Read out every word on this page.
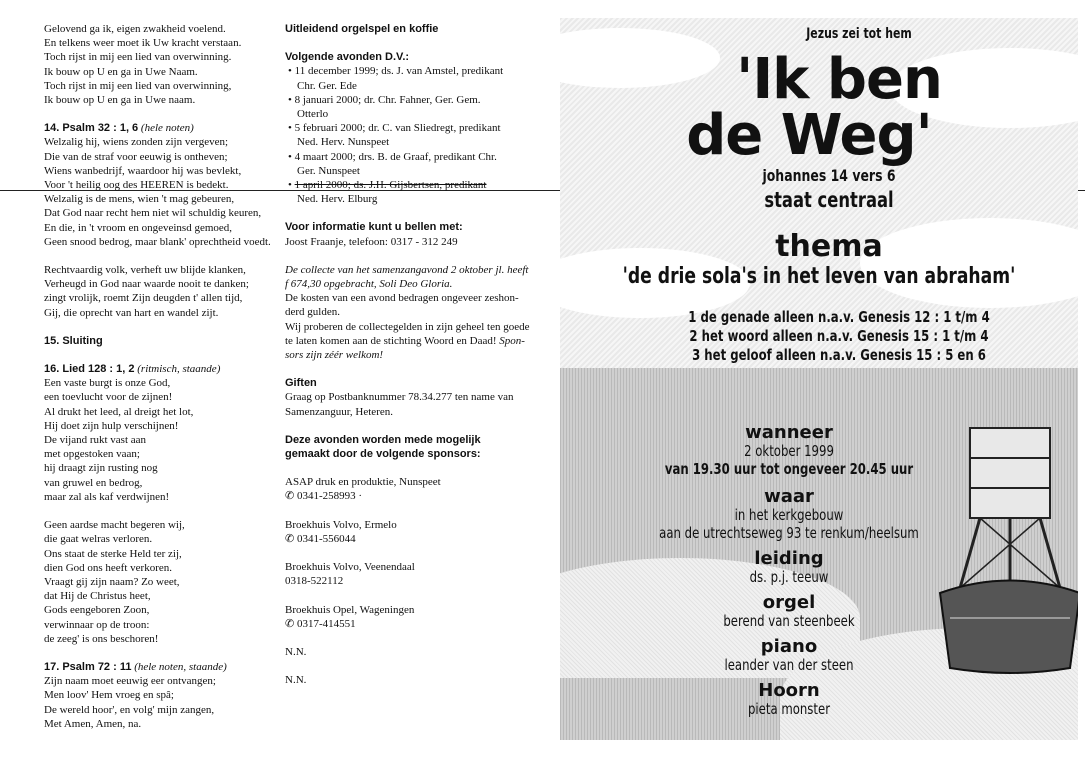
Gelovend ga ik, eigen zwakheid voelend.
En telkens weer moet ik Uw kracht verstaan.
Toch rijst in mij een lied van overwinning.
Ik bouw op U en ga in Uwe Naam.
Toch rijst in mij een lied van overwinning,
Ik bouw op U en ga in Uwe naam.
14. Psalm 32 : 1, 6 (hele noten)
Welzalig hij, wiens zonden zijn vergeven;
Die van de straf voor eeuwig is ontheven;
Wiens wanbedrijf, waardoor hij was bevlekt,
Voor 't heilig oog des HEEREN is bedekt.
Welzalig is de mens, wien 't mag gebeuren,
Dat God naar recht hem niet wil schuldig keuren,
En die, in 't vroom en ongeveinsd gemoed,
Geen snood bedrog, maar blank' oprechtheid voedt.
Rechtvaardig volk, verheft uw blijde klanken,
Verheugd in God naar waarde nooit te danken;
zingt vrolijk, roemt Zijn deugden t' allen tijd,
Gij, die oprecht van hart en wandel zijt.
15. Sluiting
16. Lied 128 : 1, 2 (ritmisch, staande)
Een vaste burgt is onze God,
een toevlucht voor de zijnen!
Al drukt het leed, al dreigt het lot,
Hij doet zijn hulp verschijnen!
De vijand rukt vast aan
met opgestoken vaan;
hij draagt zijn rusting nog
van gruwel en bedrog,
maar zal als kaf verdwijnen!
Geen aardse macht begeren wij,
die gaat welras verloren.
Ons staat de sterke Held ter zij,
dien God ons heeft verkoren.
Vraagt gij zijn naam? Zo weet,
dat Hij de Christus heet,
Gods eengeboren Zoon,
verwinnaar op de troon:
de zeeg' is ons beschoren!
17. Psalm 72 : 11 (hele noten, staande)
Zijn naam moet eeuwig eer ontvangen;
Men loov' Hem vroeg en spâ;
De wereld hoor', en volg' mijn zangen,
Met Amen, Amen, na.
Uitleidend orgelspel en koffie
Volgende avonden D.V.:
• 11 december 1999; ds. J. van Amstel, predikant
Chr. Ger. Ede
• 8 januari 2000; dr. Chr. Fahner, Ger. Gem.
Otterlo
• 5 februari 2000; dr. C. van Sliedregt, predikant
Ned. Herv. Nunspeet
• 4 maart 2000; drs. B. de Graaf, predikant Chr.
Ger. Nunspeet
• 1 april 2000; ds. J.H. Gijsbertsen, predikant
Ned. Herv. Elburg
Voor informatie kunt u bellen met:
Joost Fraanje, telefoon: 0317 - 312 249
De collecte van het samenzangavond 2 oktober jl. heeft
f 674,30 opgebracht, Soli Deo Gloria.
De kosten van een avond bedragen ongeveer zeshon-
derd gulden.
Wij proberen de collectegelden in zijn geheel ten goede
te laten komen aan de stichting Woord en Daad! Spon-
sors zijn zéér welkom!
Giften
Graag op Postbanknummer 78.34.277 ten name van
Samenzanguur, Heteren.
Deze avonden worden mede mogelijk
gemaakt door de volgende sponsors:
ASAP druk en produktie, Nunspeet
✆ 0341-258993 ·
Broekhuis Volvo, Ermelo
✆ 0341-556044
Broekhuis Volvo, Veenendaal
0318-522112
Broekhuis Opel, Wageningen
✆ 0317-414551
N.N.
N.N.
Jezus zei tot hem
'Ik ben
de Weg'
johannes 14 vers 6
staat centraal
thema
'de drie sola's in het leven van abraham'
1 de genade alleen n.a.v. Genesis 12 : 1 t/m 4
2 het woord alleen n.a.v. Genesis 15 : 1 t/m 4
3 het geloof alleen n.a.v. Genesis 15 : 5 en 6
wanneer
2 oktober 1999
van 19.30 uur tot ongeveer 20.45 uur
waar
in het kerkgebouw
aan de utrechtseweg 93 te renkum/heelsum
leiding
ds. p.j. teeuw
orgel
berend van steenbeek
piano
leander van der steen
Hoorn
pieta monster
